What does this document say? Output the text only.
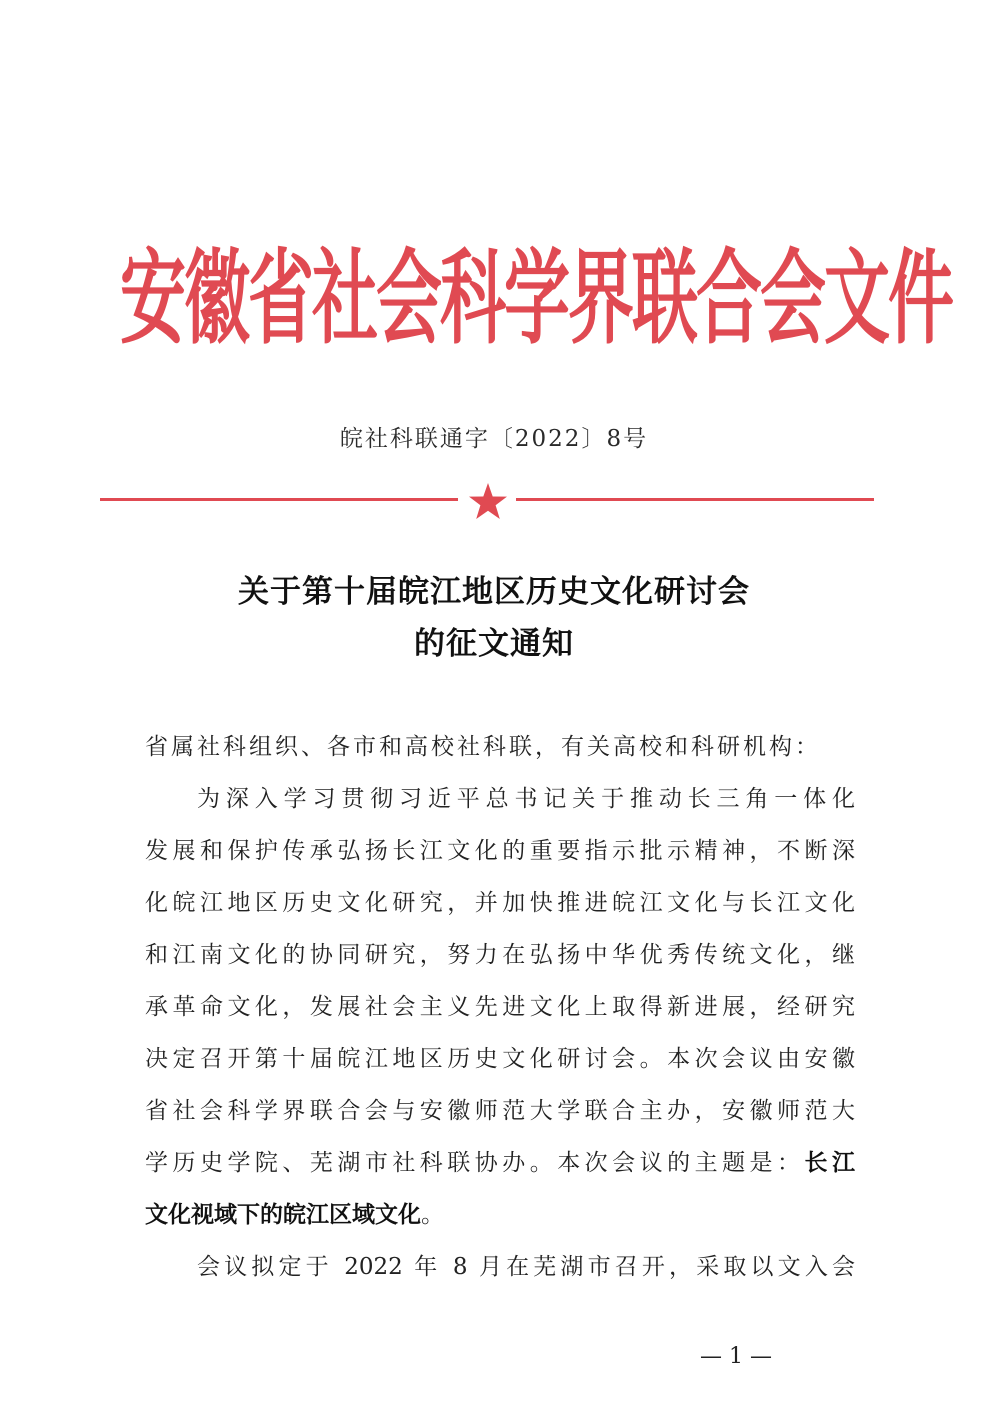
安徽省社会科学界联合会文件
皖社科联通字〔2022〕8号
关于第十届皖江地区历史文化研讨会
的征文通知
省属社科组织、各市和高校社科联，有关高校和科研机构：
为深入学习贯彻习近平总书记关于推动长三角一体化
发展和保护传承弘扬长江文化的重要指示批示精神，不断深
化皖江地区历史文化研究，并加快推进皖江文化与长江文化
和江南文化的协同研究，努力在弘扬中华优秀传统文化，继
承革命文化，发展社会主义先进文化上取得新进展，经研究
决定召开第十届皖江地区历史文化研讨会。本次会议由安徽
省社会科学界联合会与安徽师范大学联合主办，安徽师范大
学历史学院、芜湖市社科联协办。本次会议的主题是：长江
文化视域下的皖江区域文化。
会议拟定于 2022 年 8 月在芜湖市召开，采取以文入会
— 1 —
